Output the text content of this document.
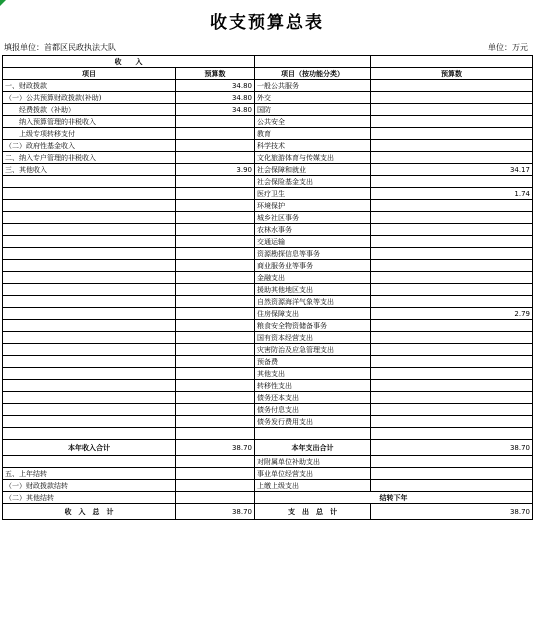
收支预算总表
填报单位：首都区民政执法大队	单位：万元
收　　入			
项目	预算数	项目（按功能分类）	预算数
一、财政拨款	34.80	一般公共服务	
（一）公共预算财政拨款(补助)	34.80	外交	
　　经费拨款（补助）	34.80	国防	
　　纳入预算管理的非税收入		公共安全	
　　上级专项转移支付		教育	
（二）政府性基金收入		科学技术	
二、纳入专户管理的非税收入		文化旅游体育与传媒支出	
三、其他收入	3.90	社会保障和就业	34.17
		社会保险基金支出	
		医疗卫生	1.74
		环境保护	
		城乡社区事务	
		农林水事务	
		交通运输	
		资源勘探信息等事务	
		商业服务业等事务	
		金融支出	
		援助其他地区支出	
		自然资源海洋气象等支出	
		住房保障支出	2.79
		粮食安全物资储备事务	
		国有资本经营支出	
		灾害防治及应急管理支出	
		预备费	
		其他支出	
		转移性支出	
		债务还本支出	
		债务付息支出	
		债务发行费用支出	

本年收入合计	38.70	本年支出合计	38.70
		对附属单位补助支出	
五、上年结转		事业单位经营支出	
（一）财政拨款结转		上缴上级支出	
（二）其他结转		结转下年	
收　入　总　计	38.70	支　出　总　计	38.70
